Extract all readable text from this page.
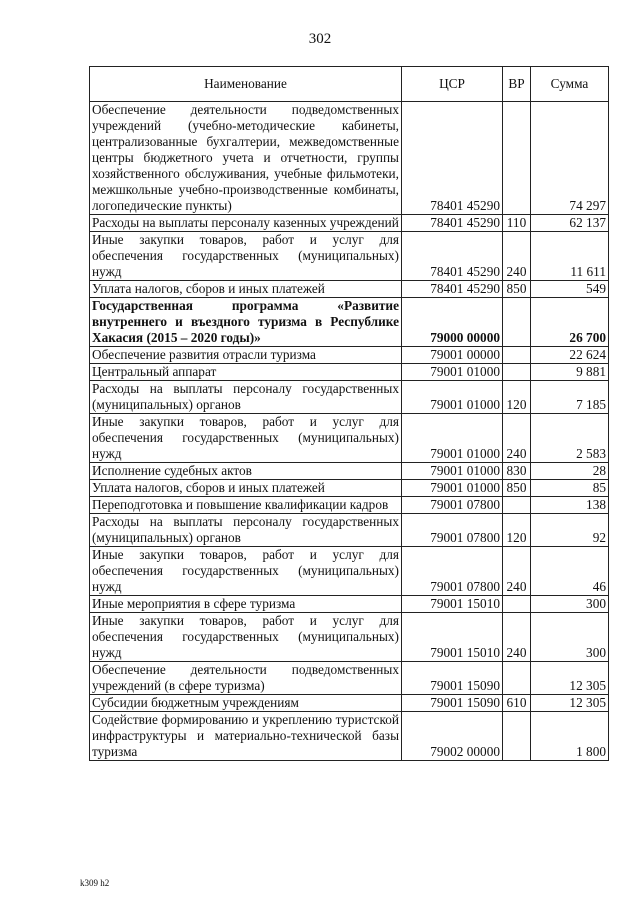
302
Наименование	ЦСР	ВР	Сумма
Обеспечение деятельности подведомственных учреждений (учебно-методические кабинеты, централизованные бухгалтерии, межведомственные центры бюджетного учета и отчетности, группы хозяйственного обслуживания, учебные фильмотеки, межшкольные учебно-производственные комбинаты, логопедические пункты)	78401 45290		74 297
Расходы на выплаты персоналу казенных учреждений	78401 45290	110	62 137
Иные закупки товаров, работ и услуг для обеспечения государственных (муниципальных) нужд	78401 45290	240	11 611
Уплата налогов, сборов и иных платежей	78401 45290	850	549
Государственная программа «Развитие внутреннего и въездного туризма в Республике Хакасия (2015 – 2020 годы)»	79000 00000		26 700
Обеспечение развития отрасли туризма	79001 00000		22 624
Центральный аппарат	79001 01000		9 881
Расходы на выплаты персоналу государственных (муниципальных) органов	79001 01000	120	7 185
Иные закупки товаров, работ и услуг для обеспечения государственных (муниципальных) нужд	79001 01000	240	2 583
Исполнение судебных актов	79001 01000	830	28
Уплата налогов, сборов и иных платежей	79001 01000	850	85
Переподготовка и повышение квалификации кадров	79001 07800		138
Расходы на выплаты персоналу государственных (муниципальных) органов	79001 07800	120	92
Иные закупки товаров, работ и услуг для обеспечения государственных (муниципальных) нужд	79001 07800	240	46
Иные мероприятия в сфере туризма	79001 15010		300
Иные закупки товаров, работ и услуг для обеспечения государственных (муниципальных) нужд	79001 15010	240	300
Обеспечение деятельности подведомственных учреждений (в сфере туризма)	79001 15090		12 305
Субсидии бюджетным учреждениям	79001 15090	610	12 305
Содействие формированию и укреплению туристской инфраструктуры и материально-технической базы туризма	79002 00000		1 800
k309 h2
